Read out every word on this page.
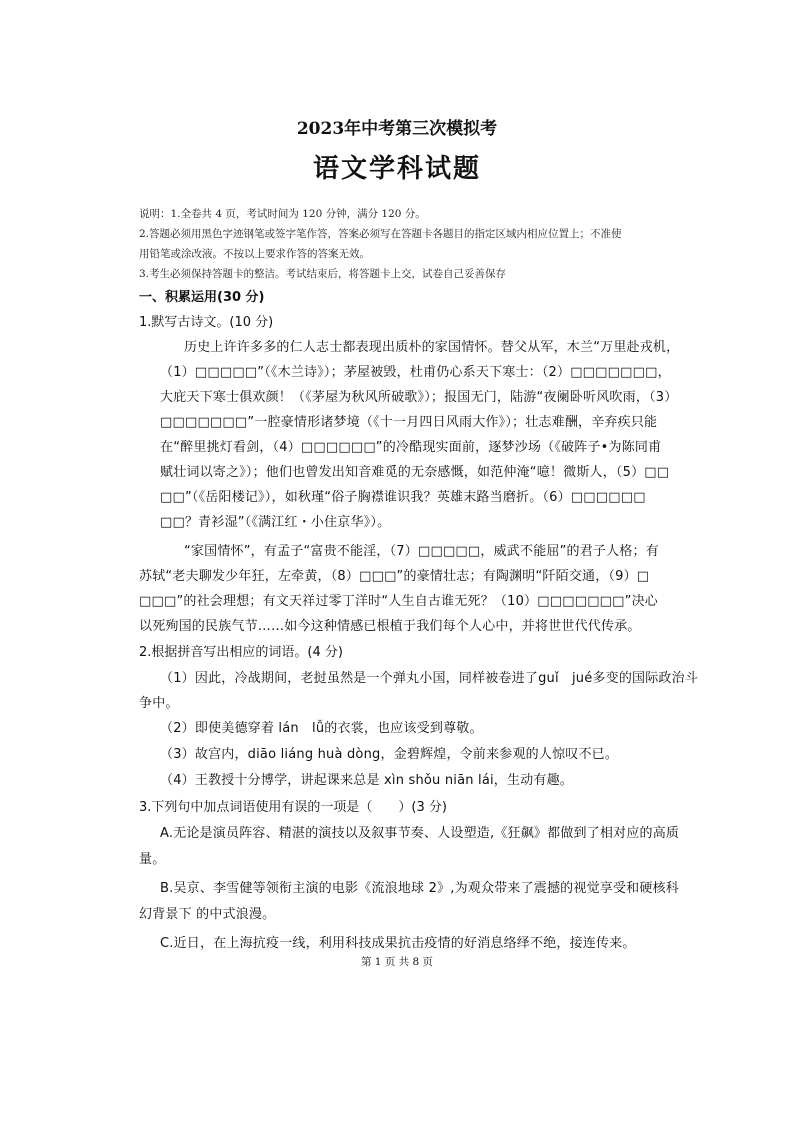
2023年中考第三次模拟考
语文学科试题
说明：1.全卷共 4 页，考试时间为 120 分钟，满分 120 分。
2.答题必须用黑色字迹钢笔或签字笔作答，答案必须写在答题卡各题目的指定区域内相应位置上；不准使
用铅笔或涂改液。不按以上要求作答的答案无效。
3.考生必须保持答题卡的整洁。考试结束后，将答题卡上交，试卷自己妥善保存
一、积累运用(30 分)
1.默写古诗文。(10 分)
历史上许许多多的仁人志士都表现出质朴的家国情怀。替父从军，木兰“万里赴戎机，
（1）□□□□□”（《木兰诗》）；茅屋被毁，杜甫仍心系天下寒士：（2）□□□□□□□，
大庇天下寒士俱欢颜！（《茅屋为秋风所破歌》）；报国无门，陆游“夜阑卧听风吹雨，（3）
□□□□□□□”一腔豪情形诸梦境（《十一月四日风雨大作》）；壮志难酬，辛弃疾只能
在“醉里挑灯看剑，（4）□□□□□□”的冷酷现实面前，逐梦沙场（《破阵子•为陈同甫
赋壮词以寄之》）；他们也曾发出知音难觅的无奈感慨，如范仲淹“噫！微斯人，（5）□□
□□”（《岳阳楼记》），如秋瑾“俗子胸襟谁识我？英雄末路当磨折。（6）□□□□□□
□□？青衫湿”（《满江红・小住京华》）。
“家国情怀”，有孟子“富贵不能淫，（7）□□□□□，威武不能屈”的君子人格；有
苏轼“老夫聊发少年狂，左牵黄，（8）□□□”的豪情壮志；有陶渊明“阡陌交通，（9）□
□□□”的社会理想；有文天祥过零丁洋时“人生自古谁无死？（10）□□□□□□□”决心
以死殉国的民族气节……如今这种情感已根植于我们每个人心中，并将世世代代传承。
2.根据拼音写出相应的词语。(4 分)
（1）因此，冷战期间，老挝虽然是一个弹丸小国，同样被卷进了guǐ　jué多变的国际政治斗
争中。
（2）即使美德穿着 lán　lǚ的衣裳，也应该受到尊敬。
（3）故宫内，diāo liáng huà dòng，金碧辉煌，令前来参观的人惊叹不已。
（4）王教授十分博学，讲起课来总是 xìn shǒu niān lái，生动有趣。
3.下列句中加点词语使用有误的一项是（　　）(3 分)
A.无论是演员阵容、精湛的演技以及叙事节奏、人设塑造,《狂飙》都做到了相对应的高质
量。
B.吴京、李雪健等领衔主演的电影《流浪地球 2》,为观众带来了震撼的视觉享受和硬核科
幻背景下 的中式浪漫。
C.近日，在上海抗疫一线，利用科技成果抗击疫情的好消息络绎不绝，接连传来。
第 1 页 共 8 页
